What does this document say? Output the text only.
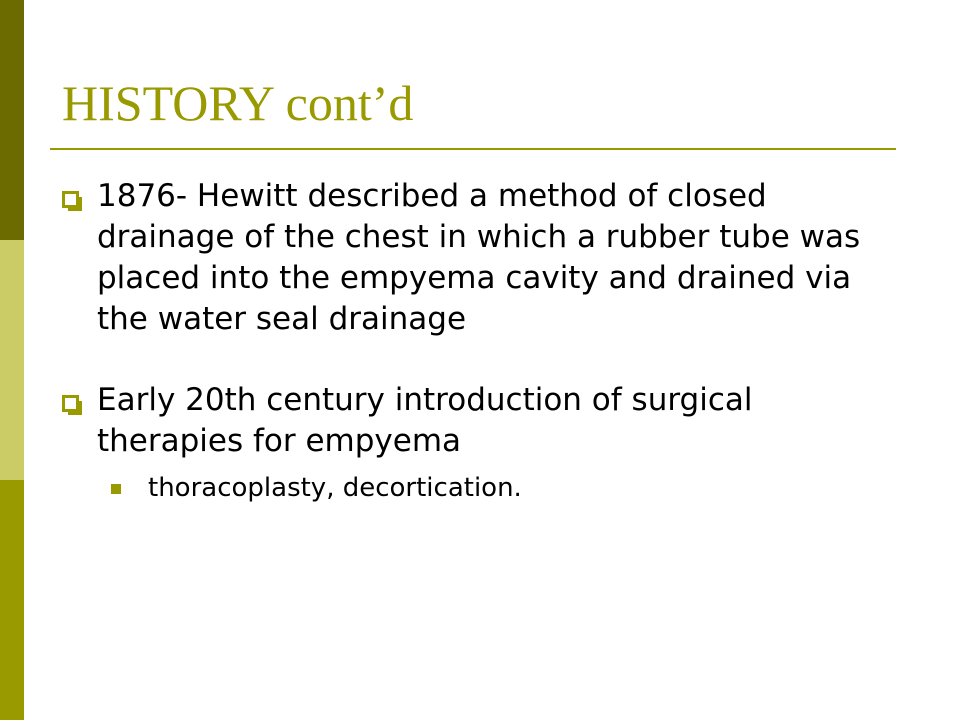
HISTORY cont’d
1876- Hewitt described a method of closed drainage of the chest in which a rubber tube was placed into the empyema cavity and drained via the water seal drainage
Early 20th century introduction of surgical therapies for empyema
thoracoplasty, decortication.
